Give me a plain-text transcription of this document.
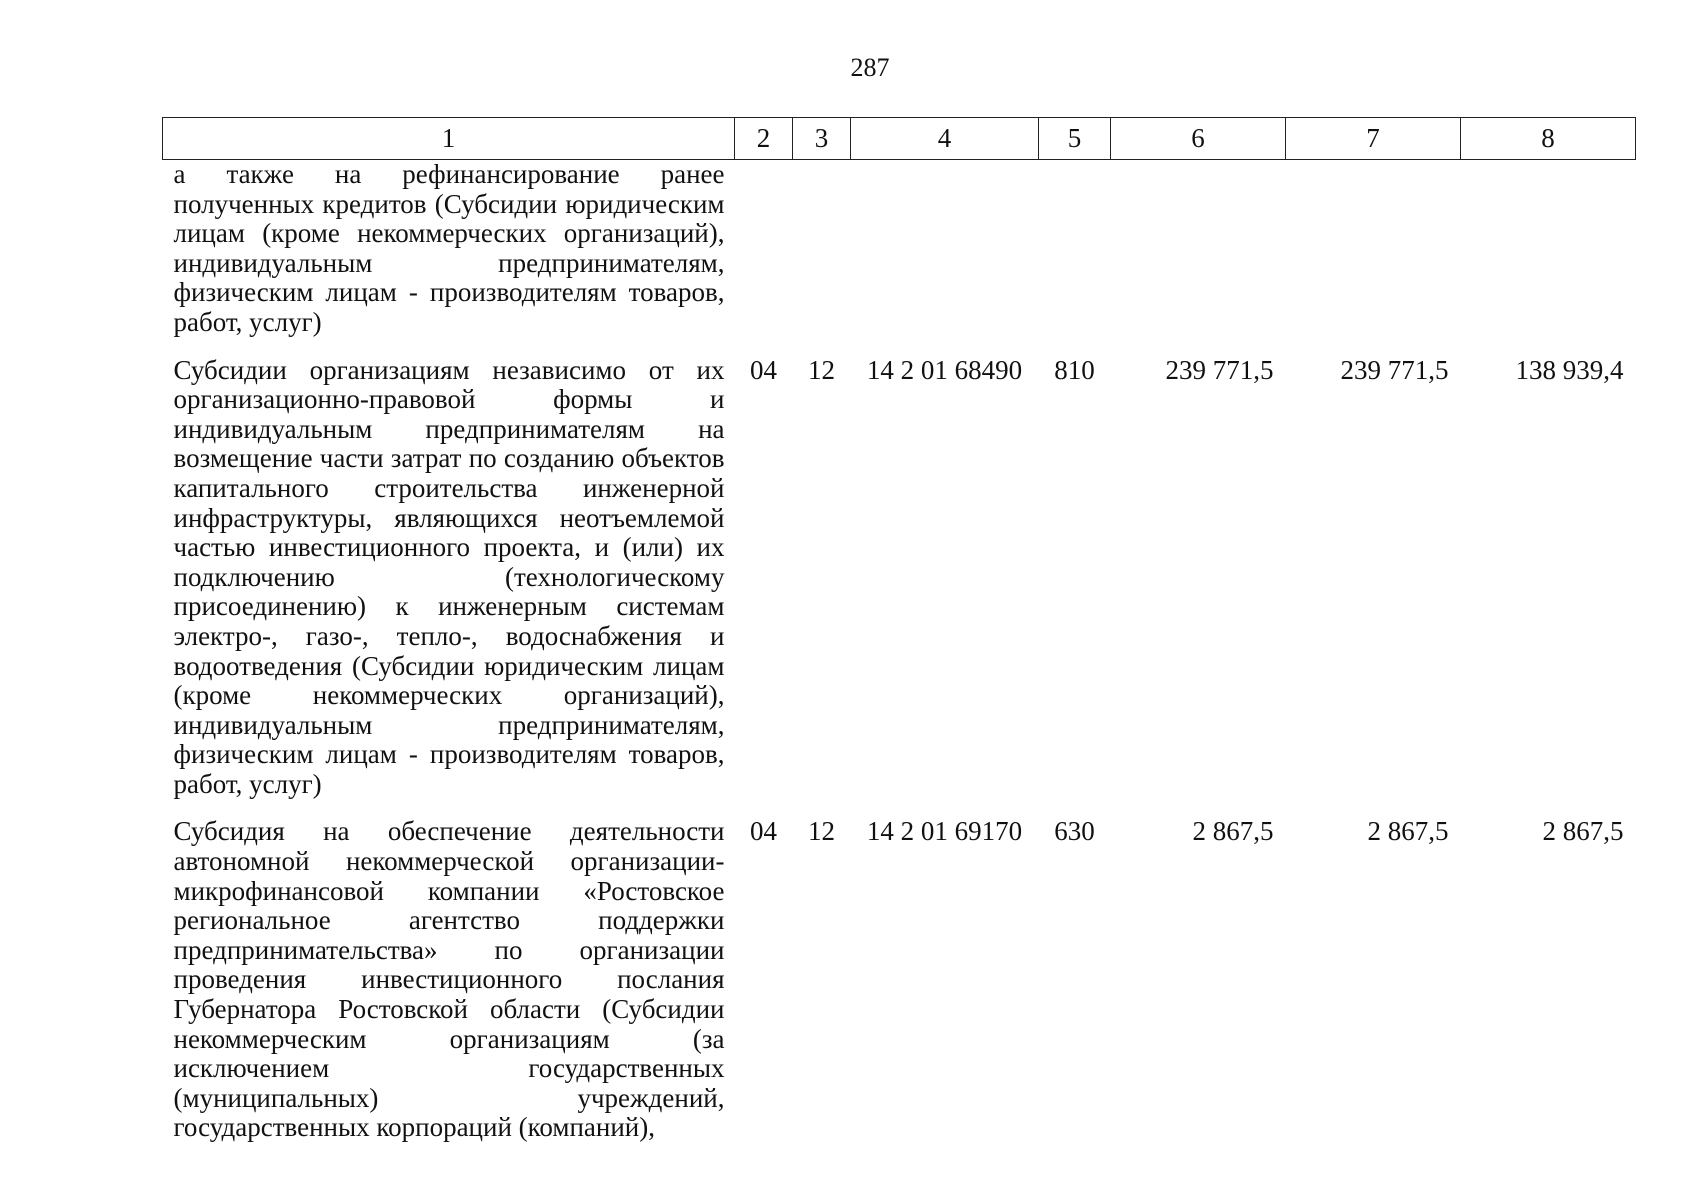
287
1	2	3	4	5	6	7	8
а также на рефинансирование ранее полученных кредитов (Субсидии юридическим лицам (кроме некоммерческих организаций), индивидуальным предпринимателям, физическим лицам - производителям товаров, работ, услуг)							
Субсидии организациям независимо от их организационно-правовой формы и индивидуальным предпринимателям на возмещение части затрат по созданию объектов капитального строительства инженерной инфраструктуры, являющихся неотъемлемой частью инвестиционного проекта, и (или) их подключению (технологическому присоединению) к инженерным системам электро-, газо-, тепло-, водоснабжения и водоотведения (Субсидии юридическим лицам (кроме некоммерческих организаций), индивидуальным предпринимателям, физическим лицам - производителям товаров, работ, услуг)	04	12	14 2 01 68490	810	239 771,5	239 771,5	138 939,4
Субсидия на обеспечение деятельности автономной некоммерческой организации-микрофинансовой компании «Ростовское региональное агентство поддержки предпринимательства» по организации проведения инвестиционного послания Губернатора Ростовской области (Субсидии некоммерческим организациям (за исключением государственных (муниципальных) учреждений, государственных корпораций (компаний),	04	12	14 2 01 69170	630	2 867,5	2 867,5	2 867,5
